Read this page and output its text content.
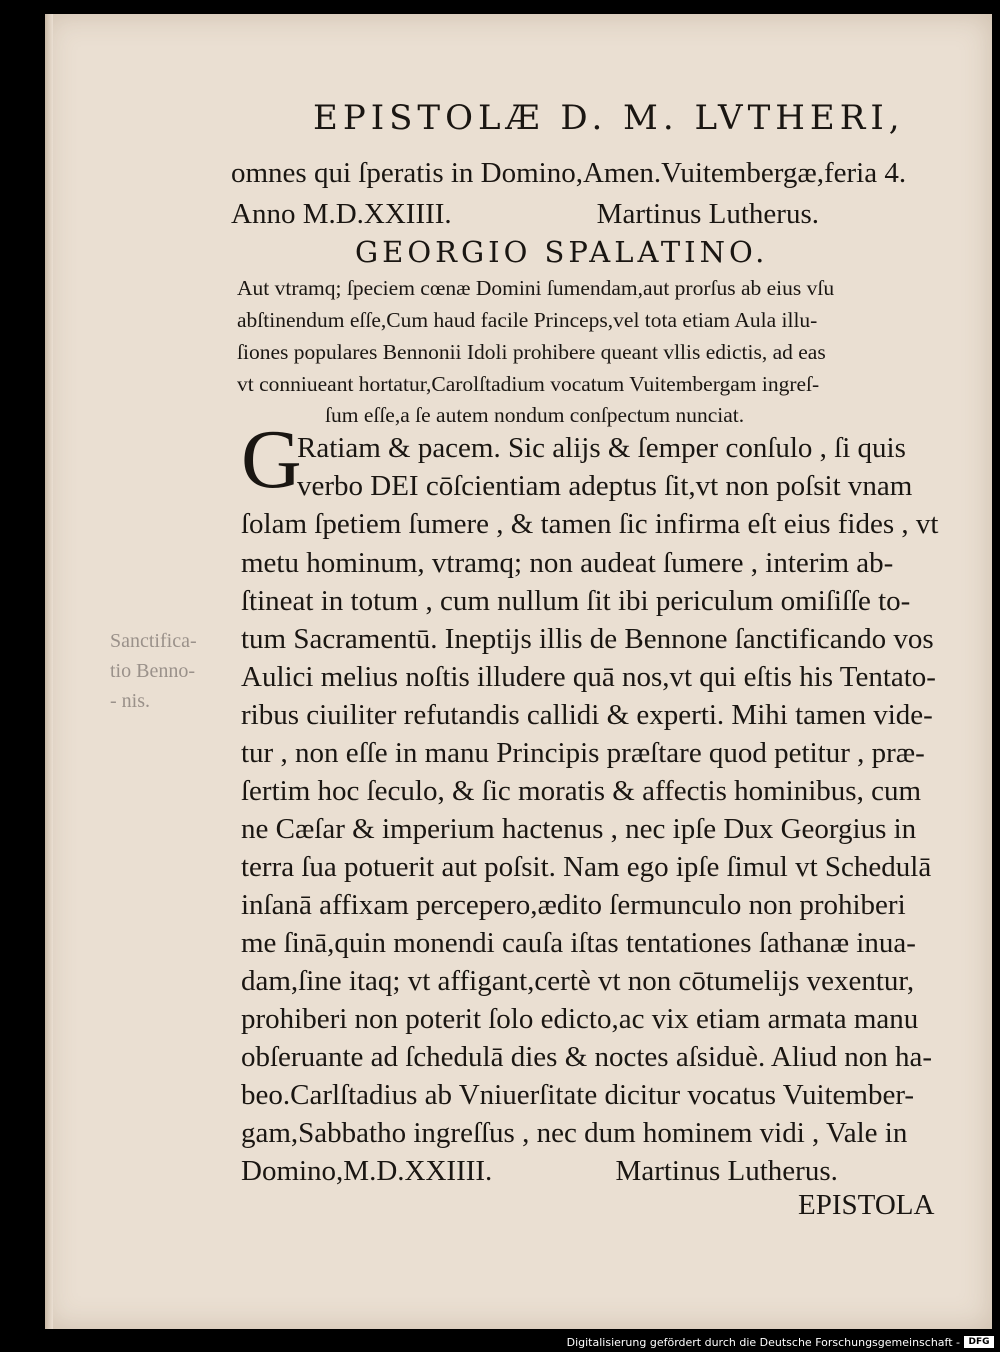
EPISTOLÆ D. M. LVTHERI,
omnes qui ſperatis in Domino,Amen.Vuitembergæ,feria 4.
Anno M.D.XXIIII.                    Martinus Lutherus.
GEORGIO SPALATINO.
Aut vtramq; ſpeciem cœnæ Domini ſumendam,aut prorſus ab eius vſu
abſtinendum eſſe,Cum haud facile Princeps,vel tota etiam Aula illu-
ſiones populares Bennonii Idoli prohibere queant vllis edictis, ad eas
vt conniueant hortatur,Carolſtadium vocatum Vuitembergam ingreſ-
ſum eſſe,a ſe autem nondum conſpectum nunciat.
G
Ratiam & pacem. Sic alijs & ſemper conſulo , ſi quis
verbo DEI cōſcientiam adeptus ſit,vt non poſsit vnam
ſolam ſpetiem ſumere , & tamen ſic infirma eſt eius fides , vt
metu hominum, vtramq; non audeat ſumere , interim ab-
ſtineat in totum , cum nullum ſit ibi periculum omiſiſſe to-
tum Sacramentū. Ineptijs illis de Bennone ſanctificando vos
Aulici melius noſtis illudere quā nos,vt qui eſtis his Tentato-
ribus ciuiliter refutandis callidi & experti. Mihi tamen vide-
tur , non eſſe in manu Principis præſtare quod petitur , præ-
ſertim hoc ſeculo, & ſic moratis & affectis hominibus, cum
ne Cæſar & imperium hactenus , nec ipſe Dux Georgius in
terra ſua potuerit aut poſsit. Nam ego ipſe ſimul vt Schedulā
inſanā affixam percepero,ædito ſermunculo non prohiberi
me ſinā,quin monendi cauſa iſtas tentationes ſathanæ inua-
dam,ſine itaq; vt affigant,certè vt non cōtumelijs vexentur,
prohiberi non poterit ſolo edicto,ac vix etiam armata manu
obſeruante ad ſchedulā dies & noctes aſsiduè. Aliud non ha-
beo.Carlſtadius ab Vniuerſitate dicitur vocatus Vuitember-
gam,Sabbatho ingreſſus , nec dum hominem vidi , Vale in
Domino,M.D.XXIIII.                 Martinus Lutherus.
Sanctifica-
tio Benno-
- nis.
EPISTOLA
Digitalisierung gefördert durch die Deutsche Forschungsgemeinschaft - DFG
